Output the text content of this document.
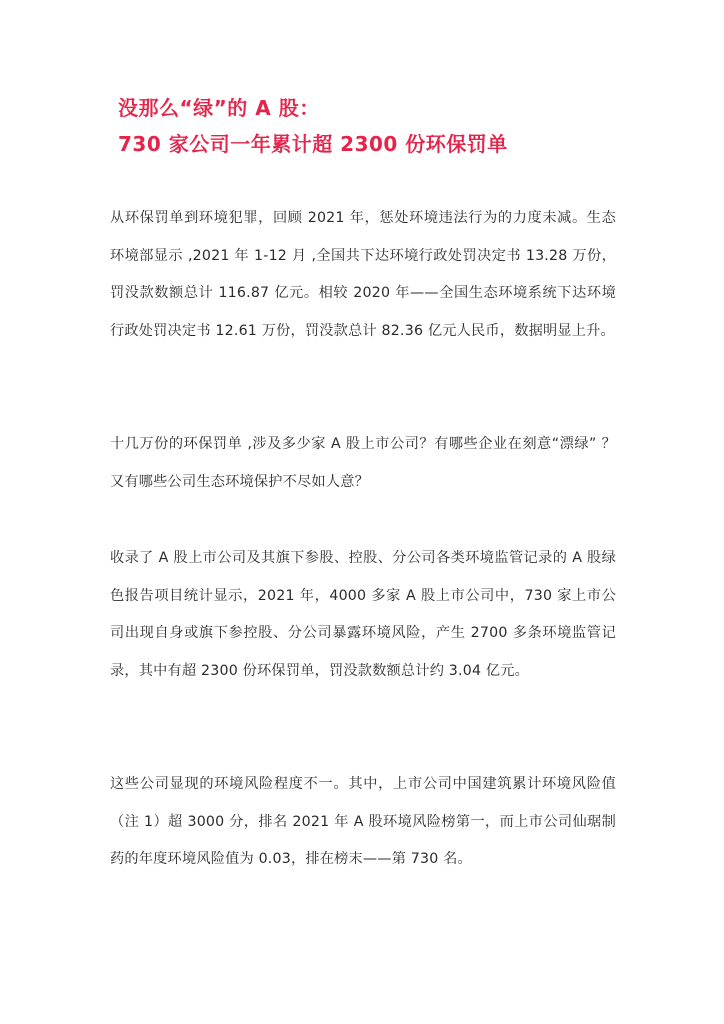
没那么“绿”的 A 股：
730 家公司一年累计超 2300 份环保罚单

从环保罚单到环境犯罪，回顾 2021 年，惩处环境违法行为的力度未减。生态环境部显示 ,2021 年 1-12 月 ,全国共下达环境行政处罚决定书 13.28 万份，罚没款数额总计 116.87 亿元。相较 2020 年——全国生态环境系统下达环境行政处罚决定书 12.61 万份，罚没款总计 82.36 亿元人民币，数据明显上升。

十几万份的环保罚单 ,涉及多少家 A 股上市公司？有哪些企业在刻意“漂绿” ？又有哪些公司生态环境保护不尽如人意？

收录了 A 股上市公司及其旗下参股、控股、分公司各类环境监管记录的 A 股绿色报告项目统计显示，2021 年，4000 多家 A 股上市公司中，730 家上市公司出现自身或旗下参控股、分公司暴露环境风险，产生 2700 多条环境监管记录，其中有超 2300 份环保罚单，罚没款数额总计约 3.04 亿元。

这些公司显现的环境风险程度不一。其中，上市公司中国建筑累计环境风险值（注 1）超 3000 分，排名 2021 年 A 股环境风险榜第一，而上市公司仙琚制药的年度环境风险值为 0.03，排在榜末——第 730 名。
